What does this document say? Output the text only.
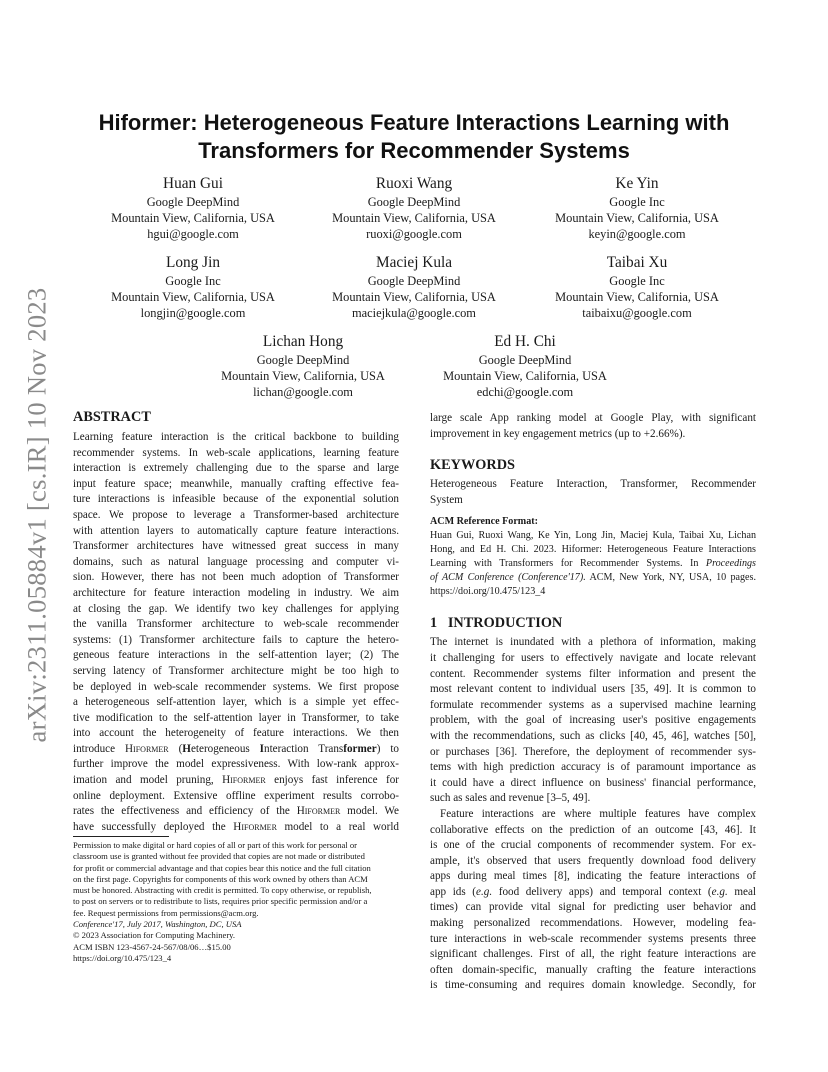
arXiv:2311.05884v1 [cs.IR] 10 Nov 2023
Hiformer: Heterogeneous Feature Interactions Learning with
Transformers for Recommender Systems
Huan Gui
Google DeepMind
Mountain View, California, USA
hgui@google.com
Ruoxi Wang
Google DeepMind
Mountain View, California, USA
ruoxi@google.com
Ke Yin
Google Inc
Mountain View, California, USA
keyin@google.com
Long Jin
Google Inc
Mountain View, California, USA
longjin@google.com
Maciej Kula
Google DeepMind
Mountain View, California, USA
maciejkula@google.com
Taibai Xu
Google Inc
Mountain View, California, USA
taibaixu@google.com
Lichan Hong
Google DeepMind
Mountain View, California, USA
lichan@google.com
Ed H. Chi
Google DeepMind
Mountain View, California, USA
edchi@google.com
ABSTRACT
Learning feature interaction is the critical backbone to building
recommender systems. In web-scale applications, learning feature
interaction is extremely challenging due to the sparse and large
input feature space; meanwhile, manually crafting effective fea-
ture interactions is infeasible because of the exponential solution
space. We propose to leverage a Transformer-based architecture
with attention layers to automatically capture feature interactions.
Transformer architectures have witnessed great success in many
domains, such as natural language processing and computer vi-
sion. However, there has not been much adoption of Transformer
architecture for feature interaction modeling in industry. We aim
at closing the gap. We identify two key challenges for applying
the vanilla Transformer architecture to web-scale recommender
systems: (1) Transformer architecture fails to capture the hetero-
geneous feature interactions in the self-attention layer; (2) The
serving latency of Transformer architecture might be too high to
be deployed in web-scale recommender systems. We first propose
a heterogeneous self-attention layer, which is a simple yet effec-
tive modification to the self-attention layer in Transformer, to take
into account the heterogeneity of feature interactions. We then
introduce Hiformer (Heterogeneous Interaction Transformer) to
further improve the model expressiveness. With low-rank approx-
imation and model pruning, Hiformer enjoys fast inference for
online deployment. Extensive offline experiment results corrobo-
rates the effectiveness and efficiency of the Hiformer model. We
have successfully deployed the Hiformer model to a real world
Permission to make digital or hard copies of all or part of this work for personal or
classroom use is granted without fee provided that copies are not made or distributed
for profit or commercial advantage and that copies bear this notice and the full citation
on the first page. Copyrights for components of this work owned by others than ACM
must be honored. Abstracting with credit is permitted. To copy otherwise, or republish,
to post on servers or to redistribute to lists, requires prior specific permission and/or a
fee. Request permissions from permissions@acm.org.
Conference'17, July 2017, Washington, DC, USA
© 2023 Association for Computing Machinery.
ACM ISBN 123-4567-24-567/08/06…$15.00
https://doi.org/10.475/123_4
large scale App ranking model at Google Play, with significant
improvement in key engagement metrics (up to +2.66%).
KEYWORDS
Heterogeneous Feature Interaction, Transformer, Recommender
System
ACM Reference Format:
Huan Gui, Ruoxi Wang, Ke Yin, Long Jin, Maciej Kula, Taibai Xu, Lichan
Hong, and Ed H. Chi. 2023. Hiformer: Heterogeneous Feature Interactions
Learning with Transformers for Recommender Systems. In Proceedings
of ACM Conference (Conference'17). ACM, New York, NY, USA, 10 pages.
https://doi.org/10.475/123_4
1   INTRODUCTION
The internet is inundated with a plethora of information, making
it challenging for users to effectively navigate and locate relevant
content. Recommender systems filter information and present the
most relevant content to individual users [35, 49]. It is common to
formulate recommender systems as a supervised machine learning
problem, with the goal of increasing user's positive engagements
with the recommendations, such as clicks [40, 45, 46], watches [50],
or purchases [36]. Therefore, the deployment of recommender sys-
tems with high prediction accuracy is of paramount importance as
it could have a direct influence on business' financial performance,
such as sales and revenue [3–5, 49].
Feature interactions are where multiple features have complex
collaborative effects on the prediction of an outcome [43, 46]. It
is one of the crucial components of recommender system. For ex-
ample, it's observed that users frequently download food delivery
apps during meal times [8], indicating the feature interactions of
app ids (e.g. food delivery apps) and temporal context (e.g. meal
times) can provide vital signal for predicting user behavior and
making personalized recommendations. However, modeling fea-
ture interactions in web-scale recommender systems presents three
significant challenges. First of all, the right feature interactions are
often domain-specific, manually crafting the feature interactions
is time-consuming and requires domain knowledge. Secondly, for
